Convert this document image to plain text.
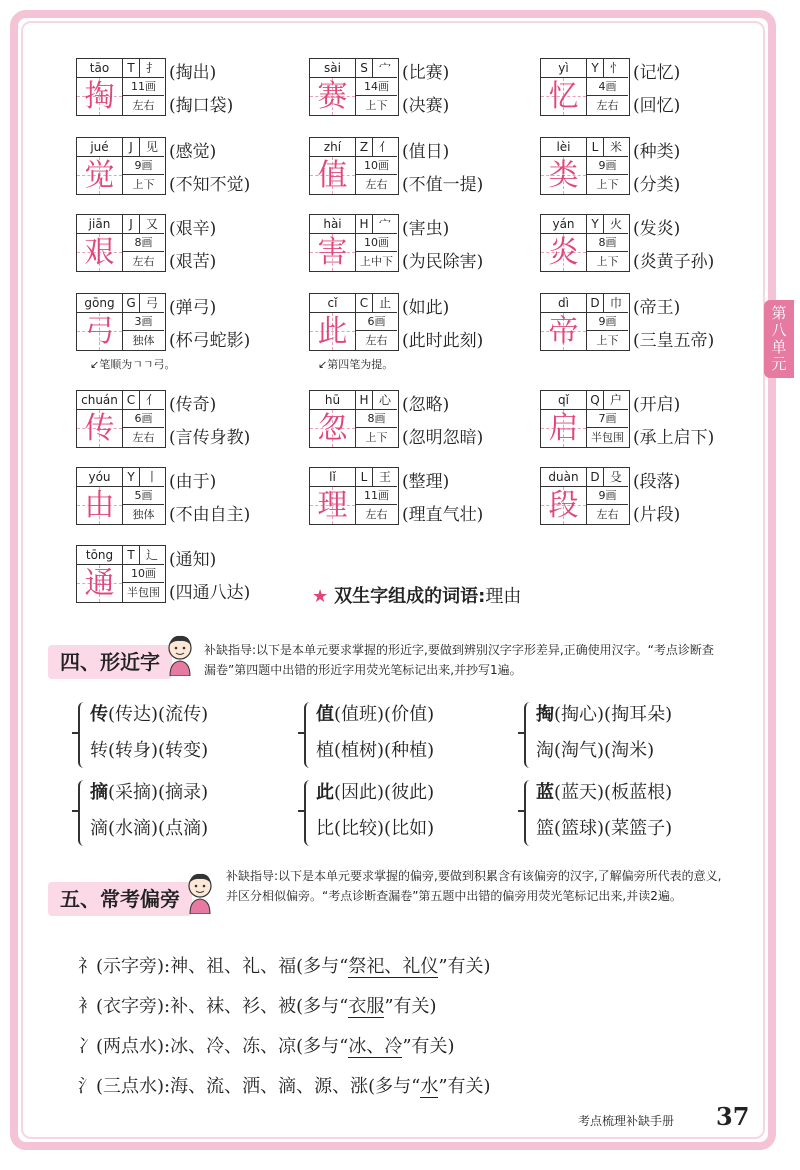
第八单元
tāo	T 扌
掏	11画
左右
(掏出)
(掏口袋)
sài	S 宀
赛	14画
上下
(比赛)
(决赛)
yì	Y 忄
忆	4画
左右
(记忆)
(回忆)
jué	J	见
觉	9画
上下
(感觉)
(不知不觉)
zhí	Z 亻
值	10画
左右
(值日)
(不值一提)
lèi	L 米
类	9画
上下
(种类)
(分类)
jiān	J	又
艰	8画
左右
(艰辛)
(艰苦)
hài	H 宀
害	10画
上中下
(害虫)
(为民除害)
yán	Y 火
炎	8画
上下
(发炎)
(炎黄子孙)
gōng G 弓
弓	3画
独体
(弹弓)
(杯弓蛇影)
cǐ	C 止
此	6画
左右
(如此)
(此时此刻)
dì	D 巾
帝	9画
上下
(帝王)
(三皇五帝)
chuán C 亻
传	6画
左右
(传奇)
(言传身教)
hū	H 心
忽	8画
上下
(忽略)
(忽明忽暗)
qǐ	Q 户
启	7画
半包围
(开启)
(承上启下)
yóu	Y 丨
由	5画
独体
(由于)
(不由自主)
lǐ	L 王
理	11画
左右
(整理)
(理直气壮)
duàn D 殳
段	9画
左右
(段落)
(片段)
tōng	T 辶
通	10画
半包围
(通知)
(四通八达)
↙笔顺为ㄱㄱ弓。	↙第四笔为提。
★ 双生字组成的词语:理由
四、形近字	补缺指导:以下是本单元要求掌握的形近字,要做到辨别汉字字形差异,正确使用汉字。“考点诊断查漏卷”第四题中出错的形近字用荧光笔标记出来,并抄写1遍。
传(传达)(流传)
转(转身)(转变)
值(值班)(价值)
植(植树)(种植)
掏(掏心)(掏耳朵)
淘(淘气)(淘米)
摘(采摘)(摘录)
滴(水滴)(点滴)
此(因此)(彼此)
比(比较)(比如)
蓝(蓝天)(板蓝根)
篮(篮球)(菜篮子)
五、常考偏旁
补缺指导:以下是本单元要求掌握的偏旁,要做到积累含有该偏旁的汉字,了解偏旁所代表的意义,并区分相似偏旁。“考点诊断查漏卷”第五题中出错的偏旁用荧光笔标记出来,并读2遍。
礻(示字旁):神、祖、礼、福(多与“祭祀、礼仪”有关)
衤(衣字旁):补、袜、衫、被(多与“衣服”有关)
冫(两点水):冰、冷、冻、凉(多与“冰、冷”有关)
氵(三点水):海、流、洒、滴、源、涨(多与“水”有关)
考点梳理补缺手册 37
